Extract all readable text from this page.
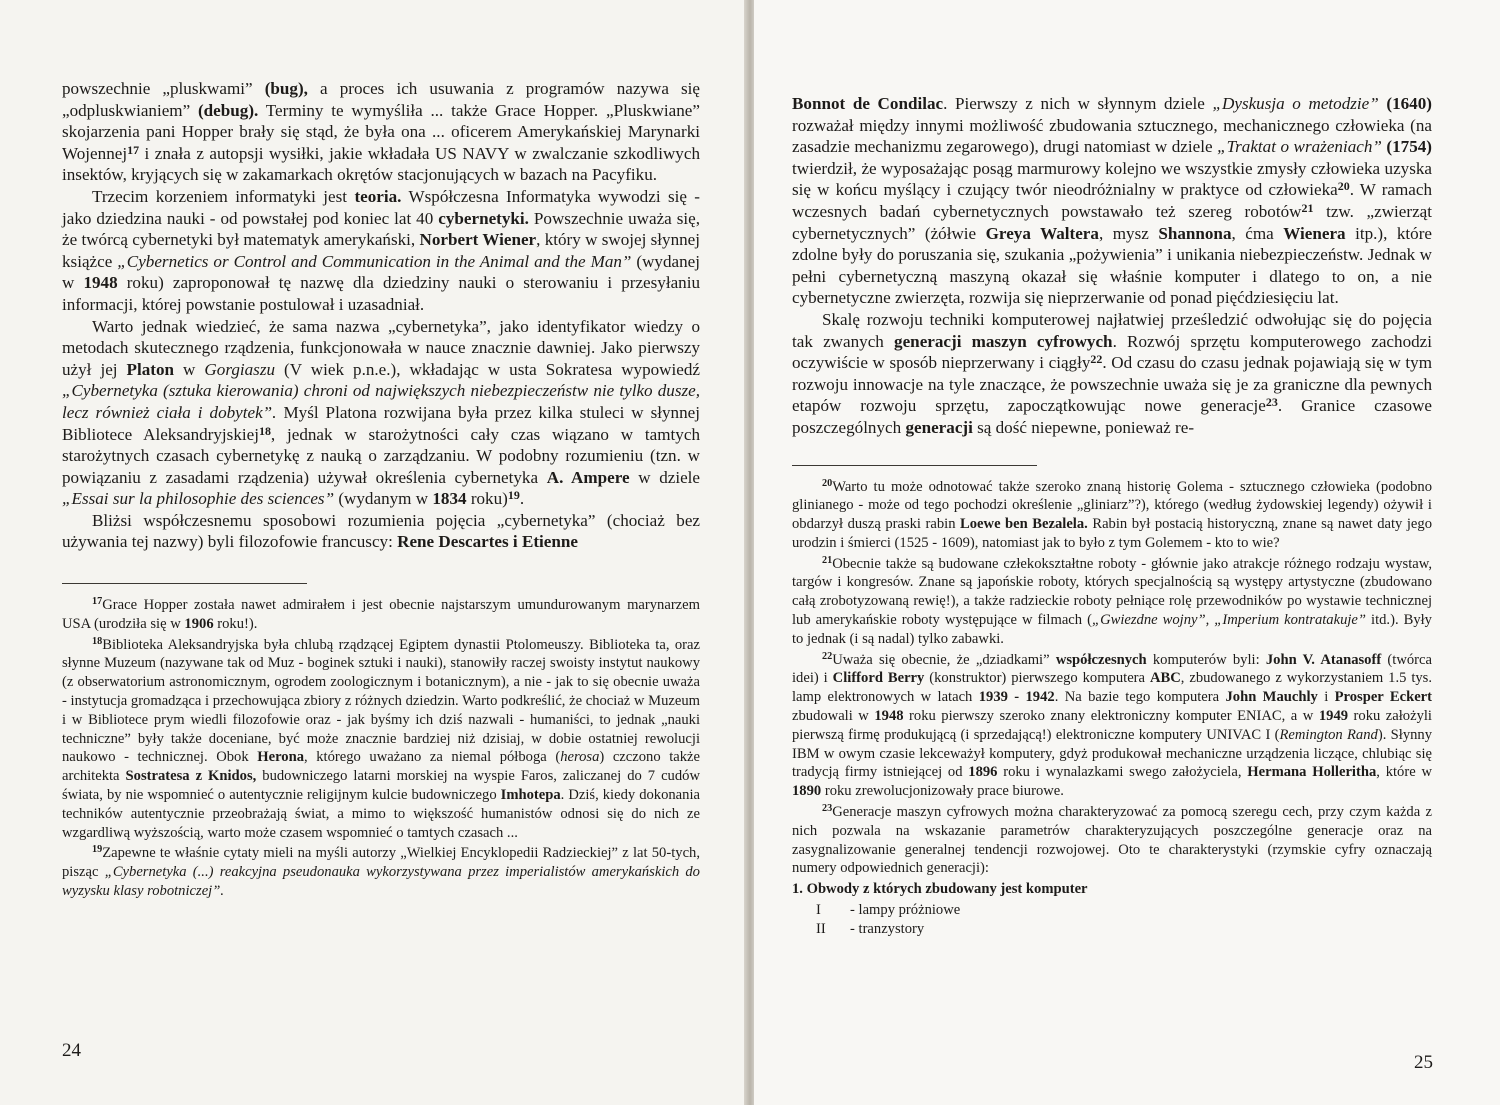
powszechnie „pluskwami” (bug), a proces ich usuwania z programów nazywa się „odpluskwianiem” (debug). Terminy te wymyśliła ... także Grace Hopper. „Pluskwiane” skojarzenia pani Hopper brały się stąd, że była ona ... oficerem Amerykańskiej Marynarki Wojennej$^{17}$ i znała z autopsji wysiłki, jakie wkładała US NAVY w zwalczanie szkodliwych insektów, kryjących się w zakamarkach okrętów stacjonujących w bazach na Pacyfiku.

Trzecim korzeniem informatyki jest teoria. Współczesna Informatyka wywodzi się - jako dziedzina nauki - od powstałej pod koniec lat 40 cybernetyki. Powszechnie uważa się, że twórcą cybernetyki był matematyk amerykański, Norbert Wiener, który w swojej słynnej książce „Cybernetics or Control and Communication in the Animal and the Man” (wydanej w 1948 roku) zaproponował tę nazwę dla dziedziny nauki o sterowaniu i przesyłaniu informacji, której powstanie postulował i uzasadniał.

Warto jednak wiedzieć, że sama nazwa „cybernetyka”, jako identyfikator wiedzy o metodach skutecznego rządzenia, funkcjonowała w nauce znacznie dawniej. Jako pierwszy użył jej Platon w Gorgiaszu (V wiek p.n.e.), wkładając w usta Sokratesa wypowiedź „Cybernetyka (sztuka kierowania) chroni od największych niebezpieczeństw nie tylko dusze, lecz również ciała i dobytek”. Myśl Platona rozwijana była przez kilka stuleci w słynnej Bibliotece Aleksandryjskiej$^{18}$, jednak w starożytności cały czas wiązano w tamtych starożytnych czasach cybernetykę z nauką o zarządzaniu. W podobny rozumieniu (tzn. w powiązaniu z zasadami rządzenia) używał określenia cybernetyka A. Ampere w dziele „Essai sur la philosophie des sciences” (wydanym w 1834 roku)$^{19}$.

Bliżsi współczesnemu sposobowi rozumienia pojęcia „cybernetyka” (chociaż bez używania tej nazwy) byli filozofowie francuscy: Rene Descartes i Etienne

$^{17}$Grace Hopper została nawet admirałem i jest obecnie najstarszym umundurowanym marynarzem USA (urodziła się w 1906 roku!).

$^{18}$Biblioteka Aleksandryjska była chlubą rządzącej Egiptem dynastii Ptolomeuszy. Biblioteka ta, oraz słynne Muzeum (nazywane tak od Muz - boginek sztuki i nauki), stanowiły raczej swoisty instytut naukowy (z obserwatorium astronomicznym, ogrodem zoologicznym i botanicznym), a nie - jak to się obecnie uważa - instytucja gromadząca i przechowująca zbiory z różnych dziedzin. Warto podkreślić, że chociaż w Muzeum i w Bibliotece prym wiedli filozofowie oraz - jak byśmy ich dziś nazwali - humaniści, to jednak „nauki techniczne” były także doceniane, być może znacznie bardziej niż dzisiaj, w dobie ostatniej rewolucji naukowo - technicznej. Obok Herona, którego uważano za niemal półboga (herosa) czczono także architekta Sostratesa z Knidos, budowniczego latarni morskiej na wyspie Faros, zaliczanej do 7 cudów świata, by nie wspomnieć o autentycznie religijnym kulcie budowniczego Imhotepa. Dziś, kiedy dokonania techników autentycznie przeobrażają świat, a mimo to większość humanistów odnosi się do nich ze wzgardliwą wyższością, warto może czasem wspomnieć o tamtych czasach ...

$^{19}$Zapewne te właśnie cytaty mieli na myśli autorzy „Wielkiej Encyklopedii Radzieckiej” z lat 50-tych, pisząc „Cybernetyka (...) reakcyjna pseudonauka wykorzystywana przez imperialistów amerykańskich do wyzysku klasy robotniczej”.

24

Bonnot de Condilac. Pierwszy z nich w słynnym dziele „Dyskusja o metodzie” (1640) rozważał między innymi możliwość zbudowania sztucznego, mechanicznego człowieka (na zasadzie mechanizmu zegarowego), drugi natomiast w dziele „Traktat o wrażeniach” (1754) twierdził, że wyposażając posąg marmurowy kolejno we wszystkie zmysły człowieka uzyska się w końcu myślący i czujący twór nieodróżnialny w praktyce od człowieka$^{20}$. W ramach wczesnych badań cybernetycznych powstawało też szereg robotów$^{21}$ tzw. „zwierząt cybernetycznych” (żółwie Greya Waltera, mysz Shannona, ćma Wienera itp.), które zdolne były do poruszania się, szukania „pożywienia” i unikania niebezpieczeństw. Jednak w pełni cybernetyczną maszyną okazał się właśnie komputer i dlatego to on, a nie cybernetyczne zwierzęta, rozwija się nieprzerwanie od ponad pięćdziesięciu lat.

Skalę rozwoju techniki komputerowej najłatwiej prześledzić odwołując się do pojęcia tak zwanych generacji maszyn cyfrowych. Rozwój sprzętu komputerowego zachodzi oczywiście w sposób nieprzerwany i ciągły$^{22}$. Od czasu do czasu jednak pojawiają się w tym rozwoju innowacje na tyle znaczące, że powszechnie uważa się je za graniczne dla pewnych etapów rozwoju sprzętu, zapoczątkowując nowe generacje$^{23}$. Granice czasowe poszczególnych generacji są dość niepewne, ponieważ re-

$^{20}$Warto tu może odnotować także szeroko znaną historię Golema - sztucznego człowieka (podobno glinianego - może od tego pochodzi określenie „gliniarz”?), którego (według żydowskiej legendy) ożywił i obdarzył duszą praski rabin Loewe ben Bezalela. Rabin był postacią historyczną, znane są nawet daty jego urodzin i śmierci (1525 - 1609), natomiast jak to było z tym Golemem - kto to wie?

$^{21}$Obecnie także są budowane człekokształtne roboty - głównie jako atrakcje różnego rodzaju wystaw, targów i kongresów. Znane są japońskie roboty, których specjalnością są występy artystyczne (zbudowano całą zrobotyzowaną rewię!), a także radzieckie roboty pełniące rolę przewodników po wystawie technicznej lub amerykańskie roboty występujące w filmach („Gwiezdne wojny”, „Imperium kontratakuje” itd.). Były to jednak (i są nadal) tylko zabawki.

$^{22}$Uważa się obecnie, że „dziadkami” współczesnych komputerów byli: John V. Atanasoff (twórca idei) i Clifford Berry (konstruktor) pierwszego komputera ABC, zbudowanego z wykorzystaniem 1.5 tys. lamp elektronowych w latach 1939 - 1942. Na bazie tego komputera John Mauchly i Prosper Eckert zbudowali w 1948 roku pierwszy szeroko znany elektroniczny komputer ENIAC, a w 1949 roku założyli pierwszą firmę produkującą (i sprzedającą!) elektroniczne komputery UNIVAC I (Remington Rand). Słynny IBM w owym czasie lekceważył komputery, gdyż produkował mechaniczne urządzenia liczące, chlubiąc się tradycją firmy istniejącej od 1896 roku i wynalazkami swego założyciela, Hermana Holleritha, które w 1890 roku zrewolucjonizowały prace biurowe.

$^{23}$Generacje maszyn cyfrowych można charakteryzować za pomocą szeregu cech, przy czym każda z nich pozwala na wskazanie parametrów charakteryzujących poszczególne generacje oraz na zasygnalizowanie generalnej tendencji rozwojowej. Oto te charakterystyki (rzymskie cyfry oznaczają numery odpowiednich generacji):

1. Obwody z których zbudowany jest komputer

I	- lampy próżniowe
II	- tranzystory
25
